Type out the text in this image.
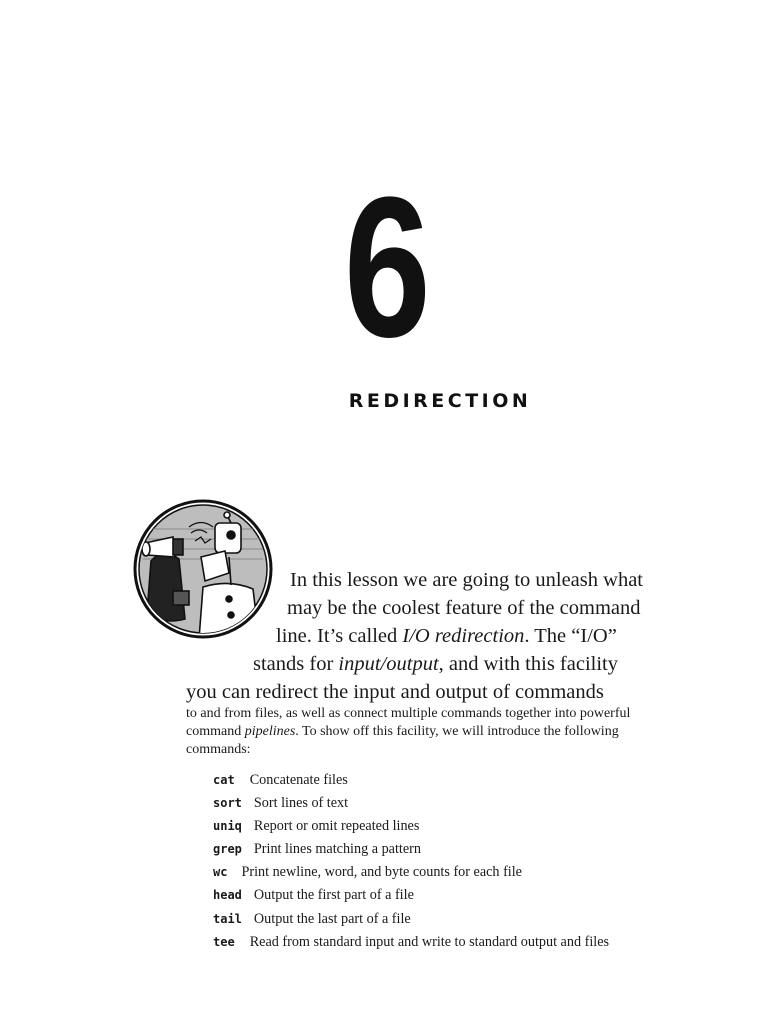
6
REDIRECTION

In this lesson we are going to unleash what

may be the coolest feature of the command

line. It’s called I/O redirection. The “I/O”

stands for input/output, and with this facility

you can redirect the input and output of commands

to and from files, as well as connect multiple commands together into powerful command pipelines. To show off this facility, we will introduce the following commands:

cat Concatenate files
sort Sort lines of text
uniq Report or omit repeated lines
grep Print lines matching a pattern
wc Print newline, word, and byte counts for each file
head Output the first part of a file
tail Output the last part of a file
tee Read from standard input and write to standard output and files
